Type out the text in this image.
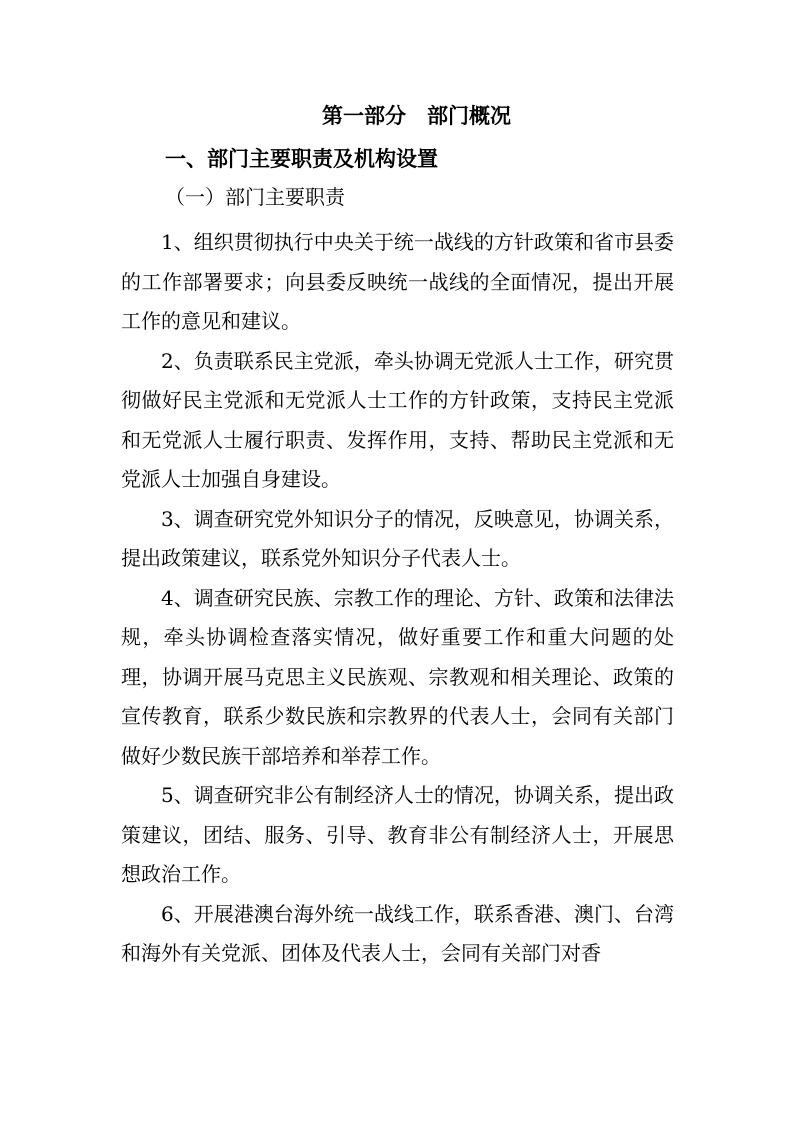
第一部分　部门概况
一、部门主要职责及机构设置
（一）部门主要职责

1、组织贯彻执行中央关于统一战线的方针政策和省市县委的工作部署要求；向县委反映统一战线的全面情况，提出开展工作的意见和建议。

2、负责联系民主党派，牵头协调无党派人士工作，研究贯彻做好民主党派和无党派人士工作的方针政策，支持民主党派和无党派人士履行职责、发挥作用，支持、帮助民主党派和无党派人士加强自身建设。

3、调查研究党外知识分子的情况，反映意见，协调关系，提出政策建议，联系党外知识分子代表人士。

4、调查研究民族、宗教工作的理论、方针、政策和法律法规，牵头协调检查落实情况，做好重要工作和重大问题的处理，协调开展马克思主义民族观、宗教观和相关理论、政策的宣传教育，联系少数民族和宗教界的代表人士，会同有关部门做好少数民族干部培养和举荐工作。

5、调查研究非公有制经济人士的情况，协调关系，提出政策建议，团结、服务、引导、教育非公有制经济人士，开展思想政治工作。

6、开展港澳台海外统一战线工作，联系香港、澳门、台湾和海外有关党派、团体及代表人士，会同有关部门对香
